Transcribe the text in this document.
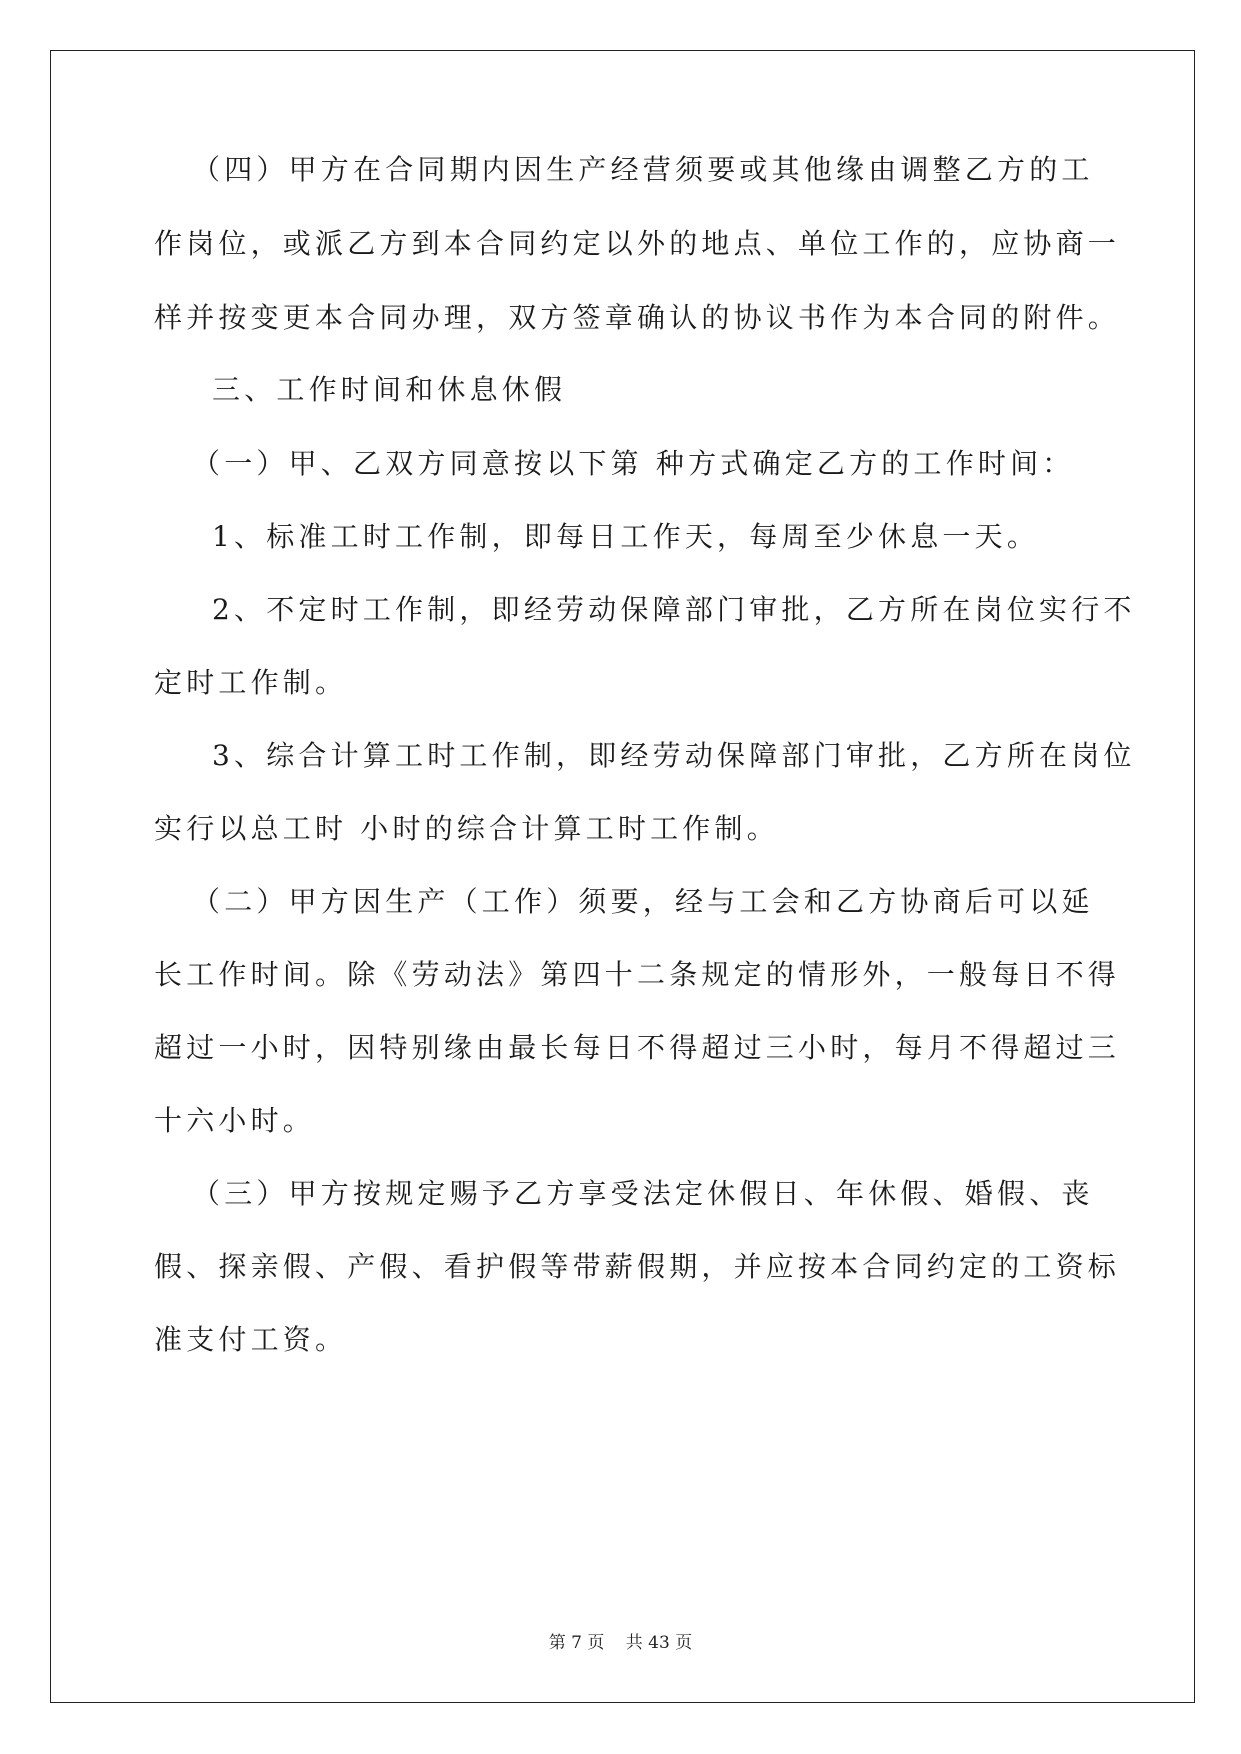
（四）甲方在合同期内因生产经营须要或其他缘由调整乙方的工
作岗位，或派乙方到本合同约定以外的地点、单位工作的，应协商一
样并按变更本合同办理，双方签章确认的协议书作为本合同的附件。
三、工作时间和休息休假
（一）甲、乙双方同意按以下第 种方式确定乙方的工作时间：
1、标准工时工作制，即每日工作天，每周至少休息一天。
2、不定时工作制，即经劳动保障部门审批，乙方所在岗位实行不
定时工作制。
3、综合计算工时工作制，即经劳动保障部门审批，乙方所在岗位
实行以总工时 小时的综合计算工时工作制。
（二）甲方因生产（工作）须要，经与工会和乙方协商后可以延
长工作时间。除《劳动法》第四十二条规定的情形外，一般每日不得
超过一小时，因特别缘由最长每日不得超过三小时，每月不得超过三
十六小时。
（三）甲方按规定赐予乙方享受法定休假日、年休假、婚假、丧
假、探亲假、产假、看护假等带薪假期，并应按本合同约定的工资标
准支付工资。
第 7 页 共 43 页
